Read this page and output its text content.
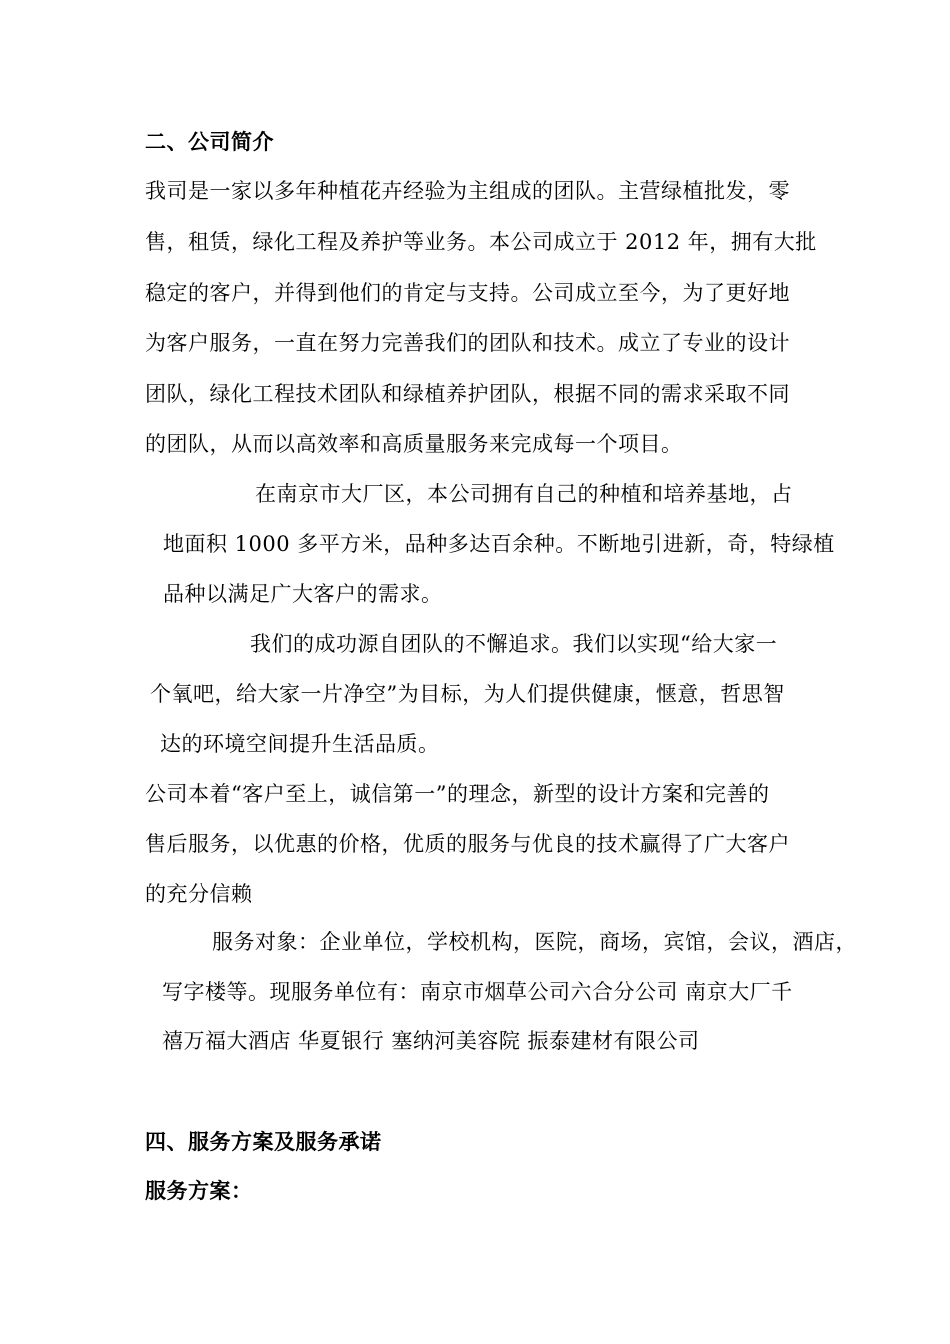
二、公司简介
我司是一家以多年种植花卉经验为主组成的团队。主营绿植批发，零
售，租赁，绿化工程及养护等业务。本公司成立于 2012 年，拥有大批
稳定的客户，并得到他们的肯定与支持。公司成立至今，为了更好地
为客户服务，一直在努力完善我们的团队和技术。成立了专业的设计
团队，绿化工程技术团队和绿植养护团队，根据不同的需求采取不同
的团队，从而以高效率和高质量服务来完成每一个项目。
在南京市大厂区，本公司拥有自己的种植和培养基地，占
地面积 1000 多平方米，品种多达百余种。不断地引进新，奇，特绿植
品种以满足广大客户的需求。
我们的成功源自团队的不懈追求。我们以实现“给大家一
个氧吧，给大家一片净空”为目标，为人们提供健康，惬意，哲思智
达的环境空间提升生活品质。
公司本着“客户至上，诚信第一”的理念，新型的设计方案和完善的
售后服务，以优惠的价格，优质的服务与优良的技术赢得了广大客户
的充分信赖
服务对象：企业单位，学校机构，医院，商场，宾馆，会议，酒店，
写字楼等。现服务单位有：南京市烟草公司六合分公司 南京大厂千
禧万福大酒店 华夏银行 塞纳河美容院 振泰建材有限公司
四、服务方案及服务承诺
服务方案：
